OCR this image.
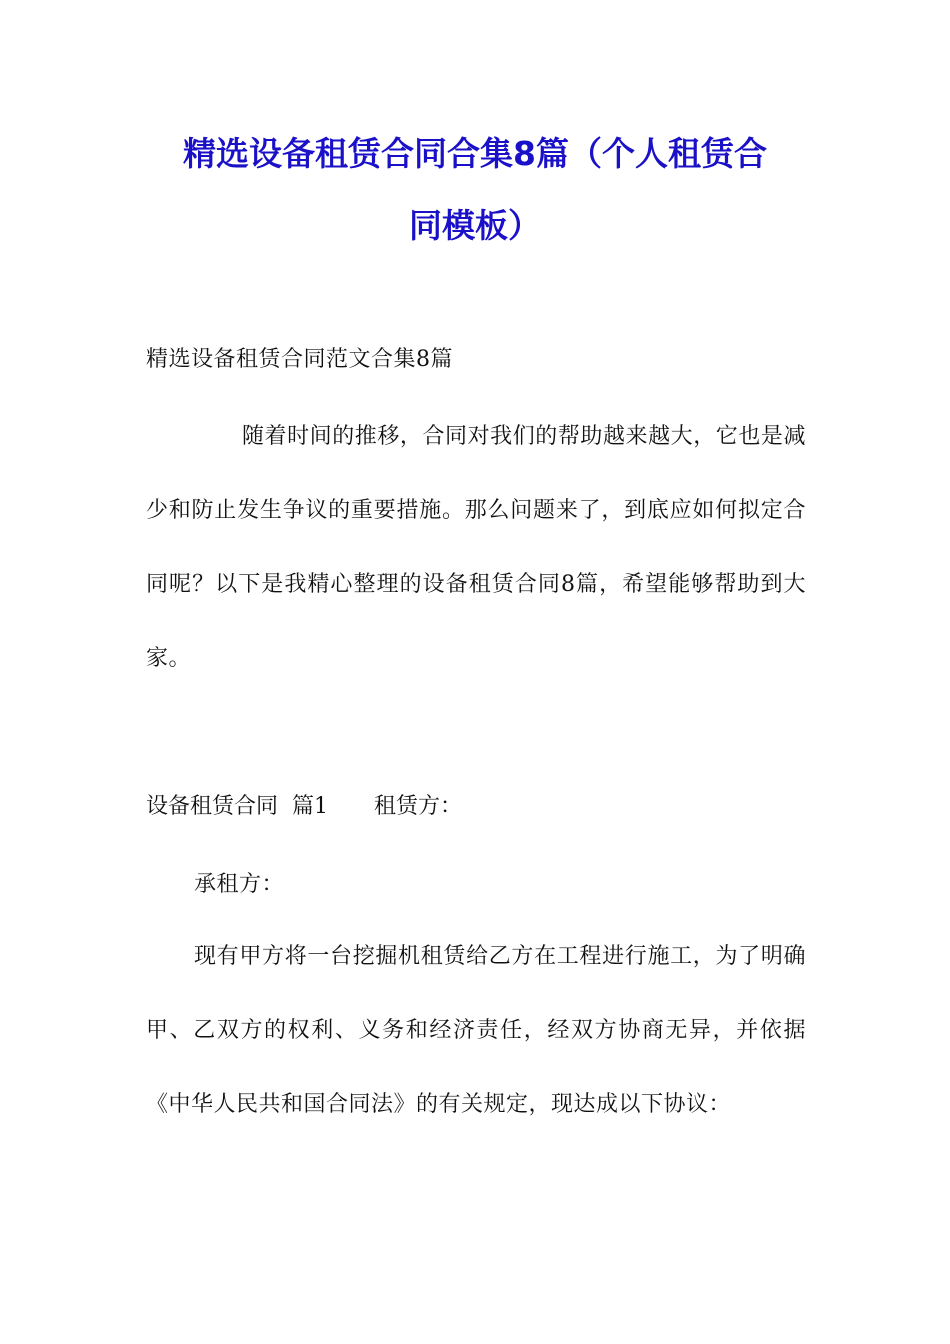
精选设备租赁合同合集8篇（个人租赁合
同模板）

精选设备租赁合同范文合集8篇

随着时间的推移，合同对我们的帮助越来越大，它也是减少和防止发生争议的重要措施。那么问题来了，到底应如何拟定合同呢？以下是我精心整理的设备租赁合同8篇，希望能够帮助到大家。

设备租赁合同  篇1 租赁方：

承租方：

现有甲方将一台挖掘机租赁给乙方在工程进行施工，为了明确甲、乙双方的权利、义务和经济责任，经双方协商无异，并依据《中华人民共和国合同法》的有关规定，现达成以下协议：
